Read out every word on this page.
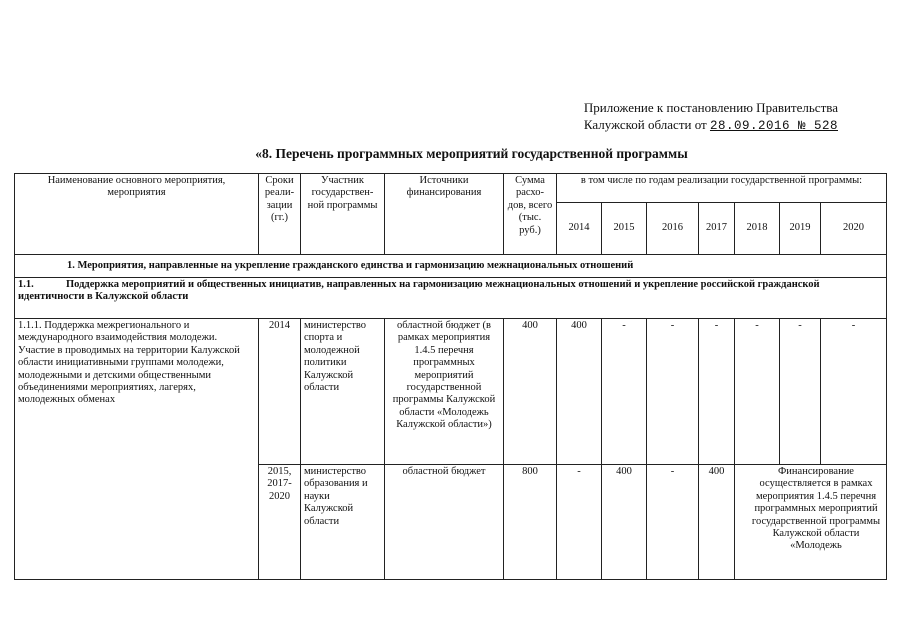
Приложение к постановлению Правительства
Калужской области от 28.09.2016 № 528
«8. Перечень программных мероприятий государственной программы
Наименование основного мероприятия, мероприятия	Сроки реали-зации (гг.)	Участник государствен-ной программы	Источники финансирования	Сумма расхо-дов, всего (тыс. руб.)	в том числе по годам реализации государственной программы:						
					2014	2015	2016	2017	2018	2019	2020
1. Мероприятия, направленные на укрепление гражданского единства и гармонизацию межнациональных отношений											
1.1. Поддержка мероприятий и общественных инициатив, направленных на гармонизацию межнациональных отношений и укрепление российской гражданской идентичности в Калужской области											
1.1.1. Поддержка межрегионального и международного взаимодействия молодежи. Участие в проводимых на территории Калужской области инициативными группами молодежи, молодежными и детскими общественными объединениями мероприятиях, лагерях, молодежных обменах	2014	министерство спорта и молодежной политики Калужской области	областной бюджет (в рамках мероприятия 1.4.5 перечня программных мероприятий государственной программы Калужской области «Молодежь Калужской области»)	400	400	-	-	-	-	-	-
	2015, 2017-2020	министерство образования и науки Калужской области	областной бюджет	800	-	400	-	400	Финансирование осуществляется в рамках мероприятия 1.4.5 перечня программных мероприятий государственной программы Калужской области «Молодежь		
